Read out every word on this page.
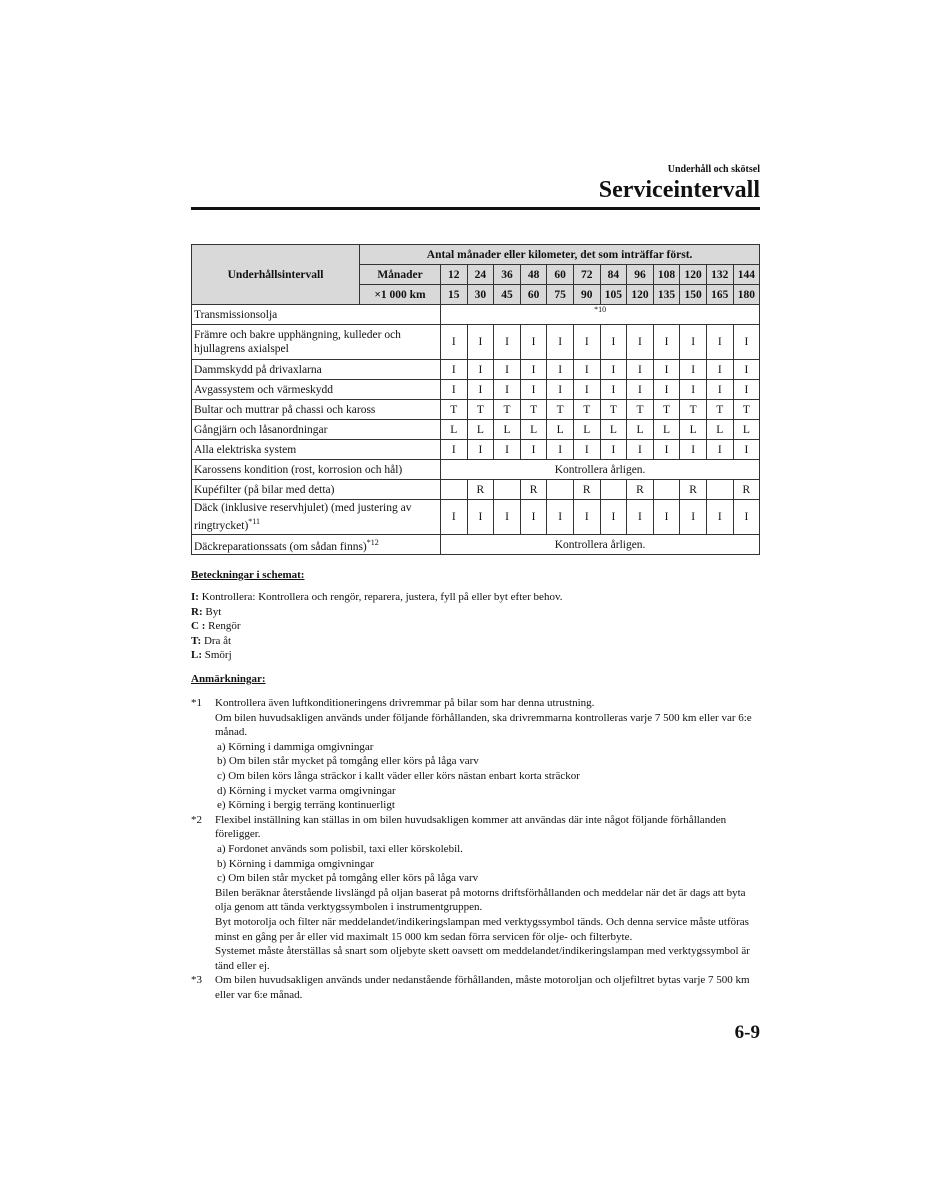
Underhåll och skötsel
Serviceintervall
Underhållsintervall	Antal månader eller kilometer, det som inträffar först.												
	Månader	12	24	36	48	60	72	84	96	108	120	132	144
	×1 000 km	15	30	45	60	75	90	105	120	135	150	165	180
Transmissionsolja		*10											
Främre och bakre upphängning, kulleder och hjullagrens axialspel		I	I	I	I	I	I	I	I	I	I	I	I
Dammskydd på drivaxlarna		I	I	I	I	I	I	I	I	I	I	I	I
Avgassystem och värmeskydd		I	I	I	I	I	I	I	I	I	I	I	I
Bultar och muttrar på chassi och kaross		T	T	T	T	T	T	T	T	T	T	T	T
Gångjärn och låsanordningar		L	L	L	L	L	L	L	L	L	L	L	L
Alla elektriska system		I	I	I	I	I	I	I	I	I	I	I	I
Karossens kondition (rost, korrosion och hål)		Kontrollera årligen.											
Kupéfilter (på bilar med detta)			R		R		R		R		R		R
Däck (inklusive reservhjulet) (med justering av ringtrycket)$^{*11}$		I	I	I	I	I	I	I	I	I	I	I	I
Däckreparationssats (om sådan finns)$^{*12}$		Kontrollera årligen.											
Beteckningar i schemat:
I: Kontrollera: Kontrollera och rengör, reparera, justera, fyll på eller byt efter behov.
R: Byt
C : Rengör
T: Dra åt
L: Smörj
Anmärkningar:
*1 Kontrollera även luftkonditioneringens drivremmar på bilar som har denna utrustning.
Om bilen huvudsakligen används under följande förhållanden, ska drivremmarna kontrolleras varje 7 500 km eller var 6:e månad.
a) Körning i dammiga omgivningar
b) Om bilen står mycket på tomgång eller körs på låga varv
c) Om bilen körs långa sträckor i kallt väder eller körs nästan enbart korta sträckor
d) Körning i mycket varma omgivningar
e) Körning i bergig terräng kontinuerligt
*2 Flexibel inställning kan ställas in om bilen huvudsakligen kommer att användas där inte något följande förhållanden föreligger.
a) Fordonet används som polisbil, taxi eller körskolebil.
b) Körning i dammiga omgivningar
c) Om bilen står mycket på tomgång eller körs på låga varv
Bilen beräknar återstående livslängd på oljan baserat på motorns driftsförhållanden och meddelar när det är dags att byta olja genom att tända verktygssymbolen i instrumentgruppen.
Byt motorolja och filter när meddelandet/indikeringslampan med verktygssymbol tänds. Och denna service måste utföras minst en gång per år eller vid maximalt 15 000 km sedan förra servicen för olje- och filterbyte.
Systemet måste återställas så snart som oljebyte skett oavsett om meddelandet/indikeringslampan med verktygssymbol är tänd eller ej.
*3 Om bilen huvudsakligen används under nedanstående förhållanden, måste motoroljan och oljefiltret bytas varje 7 500 km eller var 6:e månad.
6-9
